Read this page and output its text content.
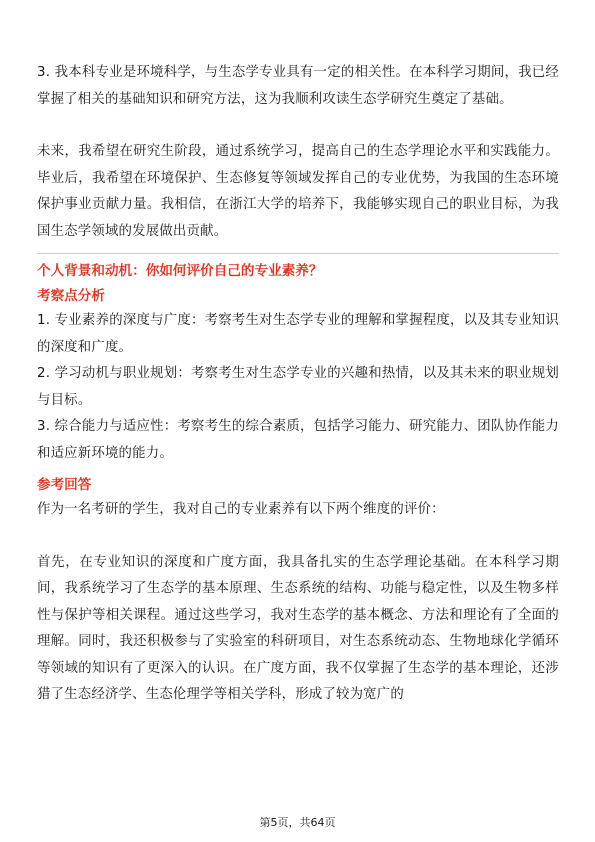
3. 我本科专业是环境科学，与生态学专业具有一定的相关性。在本科学习期间，我已经掌握了相关的基础知识和研究方法，这为我顺利攻读生态学研究生奠定了基础。

未来，我希望在研究生阶段，通过系统学习，提高自己的生态学理论水平和实践能力。毕业后，我希望在环境保护、生态修复等领域发挥自己的专业优势，为我国的生态环境保护事业贡献力量。我相信，在浙江大学的培养下，我能够实现自己的职业目标，为我国生态学领域的发展做出贡献。

个人背景和动机：你如何评价自己的专业素养？

考察点分析

1. 专业素养的深度与广度：考察考生对生态学专业的理解和掌握程度，以及其专业知识的深度和广度。

2. 学习动机与职业规划：考察考生对生态学专业的兴趣和热情，以及其未来的职业规划与目标。

3. 综合能力与适应性：考察考生的综合素质，包括学习能力、研究能力、团队协作能力和适应新环境的能力。

参考回答

作为一名考研的学生，我对自己的专业素养有以下两个维度的评价：

首先，在专业知识的深度和广度方面，我具备扎实的生态学理论基础。在本科学习期间，我系统学习了生态学的基本原理、生态系统的结构、功能与稳定性，以及生物多样性与保护等相关课程。通过这些学习，我对生态学的基本概念、方法和理论有了全面的理解。同时，我还积极参与了实验室的科研项目，对生态系统动态、生物地球化学循环等领域的知识有了更深入的认识。在广度方面，我不仅掌握了生态学的基本理论，还涉猎了生态经济学、生态伦理学等相关学科，形成了较为宽广的

第5页，共64页
